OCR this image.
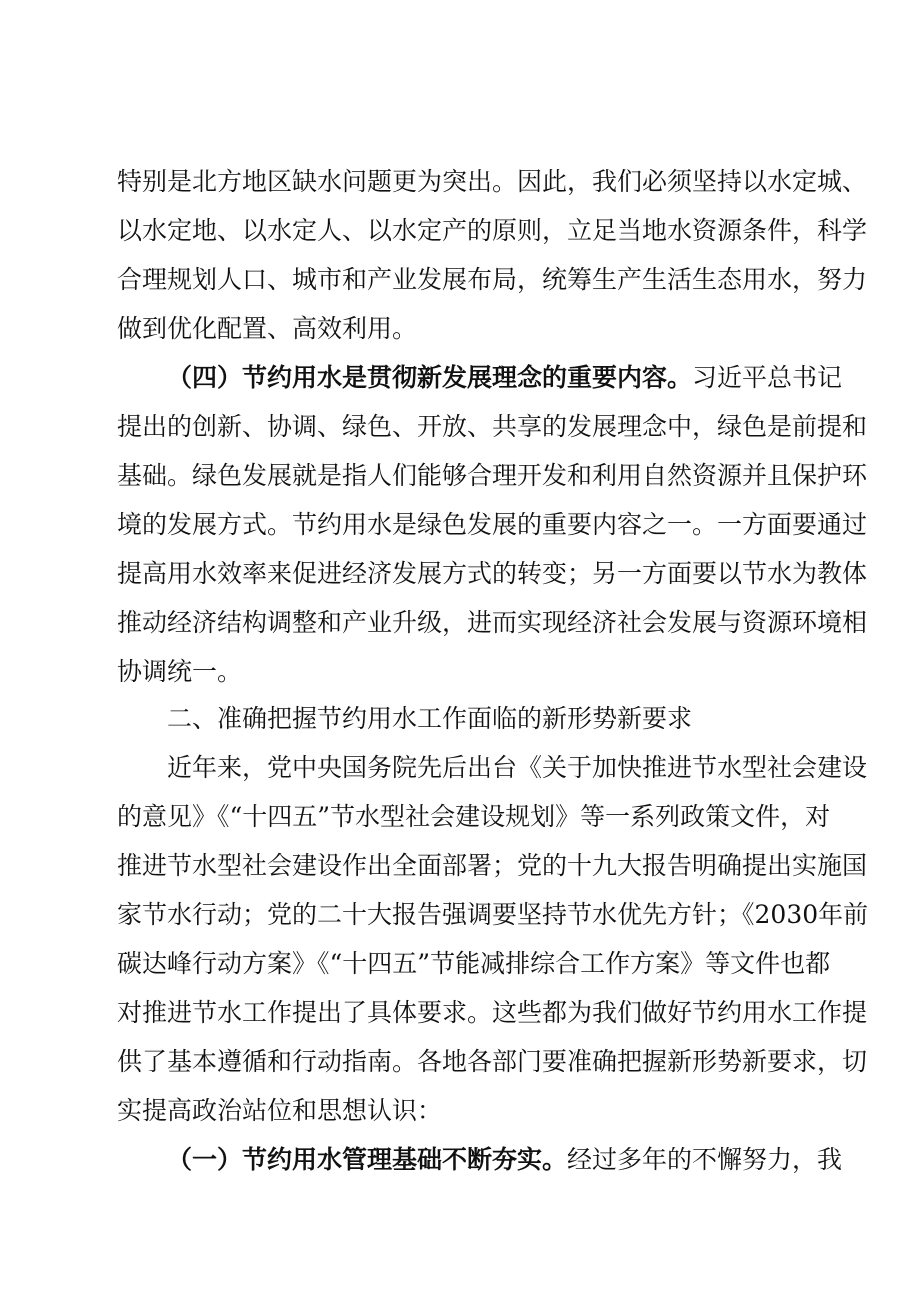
特别是北方地区缺水问题更为突出。因此，我们必须坚持以水定城、
以水定地、以水定人、以水定产的原则，立足当地水资源条件，科学
合理规划人口、城市和产业发展布局，统筹生产生活生态用水，努力
做到优化配置、高效利用。
（四）节约用水是贯彻新发展理念的重要内容。习近平总书记
提出的创新、协调、绿色、开放、共享的发展理念中，绿色是前提和
基础。绿色发展就是指人们能够合理开发和利用自然资源并且保护环
境的发展方式。节约用水是绿色发展的重要内容之一。一方面要通过
提高用水效率来促进经济发展方式的转变；另一方面要以节水为教体
推动经济结构调整和产业升级，进而实现经济社会发展与资源环境相
协调统一。
二、准确把握节约用水工作面临的新形势新要求
近年来，党中央国务院先后出台《关于加快推进节水型社会建设
的意见》《“十四五”节水型社会建设规划》等一系列政策文件，对
推进节水型社会建设作出全面部署；党的十九大报告明确提出实施国
家节水行动；党的二十大报告强调要坚持节水优先方针；《2030年前
碳达峰行动方案》《“十四五”节能减排综合工作方案》等文件也都
对推进节水工作提出了具体要求。这些都为我们做好节约用水工作提
供了基本遵循和行动指南。各地各部门要准确把握新形势新要求，切
实提高政治站位和思想认识：
（一）节约用水管理基础不断夯实。经过多年的不懈努力，我
